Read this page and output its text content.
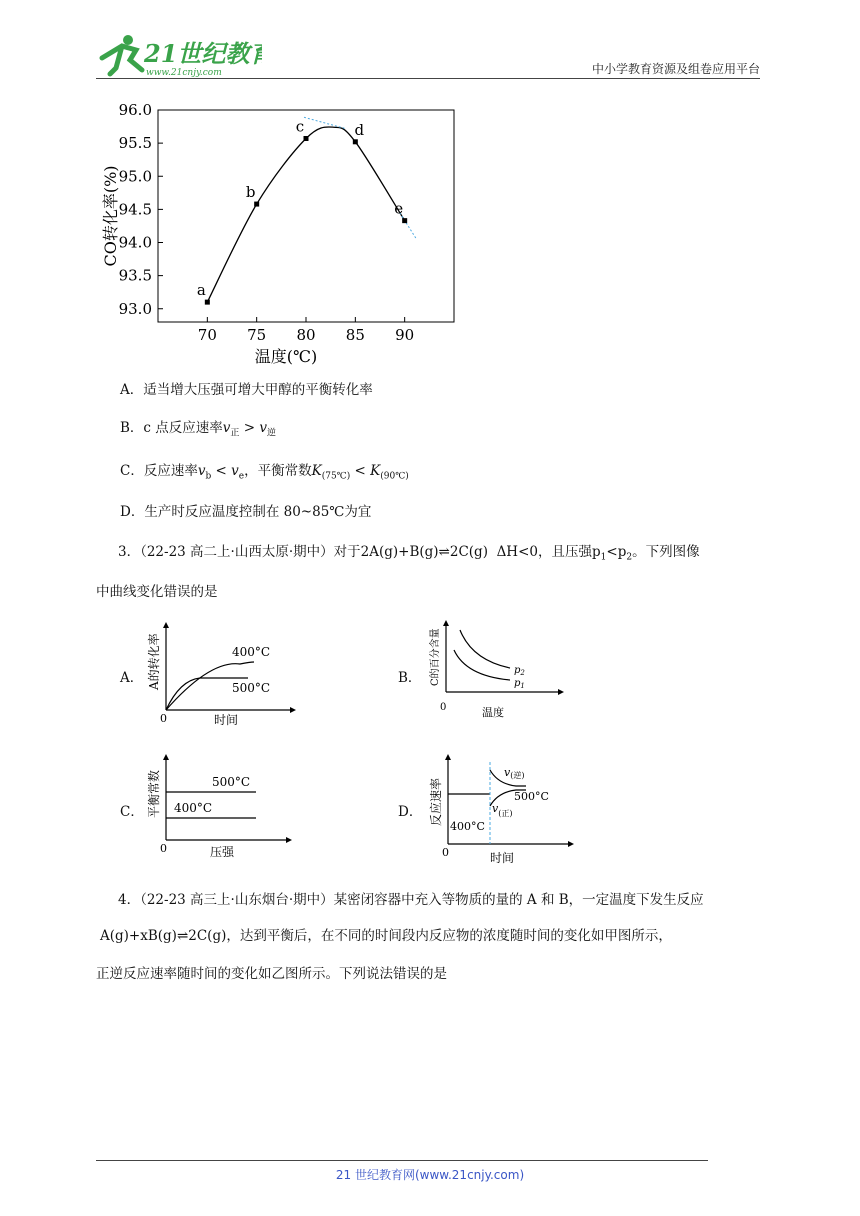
21世纪教育
www.21cnjy.com	中小学教育资源及组卷应用平台
70 75 80 85 90
93.0
93.5
94.0
94.5
95.0
95.5
96.0
a
b
c	d
e
温度(℃)
CO转化率(%)
A．适当增大压强可增大甲醇的平衡转化率
B．c 点反应速率$v_正 > v_逆$
C．反应速率$v_b < v_e$，平衡常数$K_{(75℃)} < K_{(90℃)}$
D．生产时反应温度控制在 80~85℃为宜
3．（22-23 高二上·山西太原·期中）对于2A(g)+B(g)⇌2C(g) ΔH<0，且压强$p_1<p_2$。下列图像
中曲线变化错误的是
A．
400°C
500°C
0	时间
A的转化率	B．	$p_2$
$p_1$
0	温度
C的百分含量
C．
500°C
400°C
0	压强
平衡常数	D．
400°C
v(逆)
500°C
$v_{(正)}$
0	时间
反应速率
4．（22-23 高三上·山东烟台·期中）某密闭容器中充入等物质的量的 A 和 B，一定温度下发生反应
A(g)+xB(g)⇌2C(g)，达到平衡后，在不同的时间段内反应物的浓度随时间的变化如甲图所示，
正逆反应速率随时间的变化如乙图所示。下列说法错误的是
21 世纪教育网(www.21cnjy.com)
